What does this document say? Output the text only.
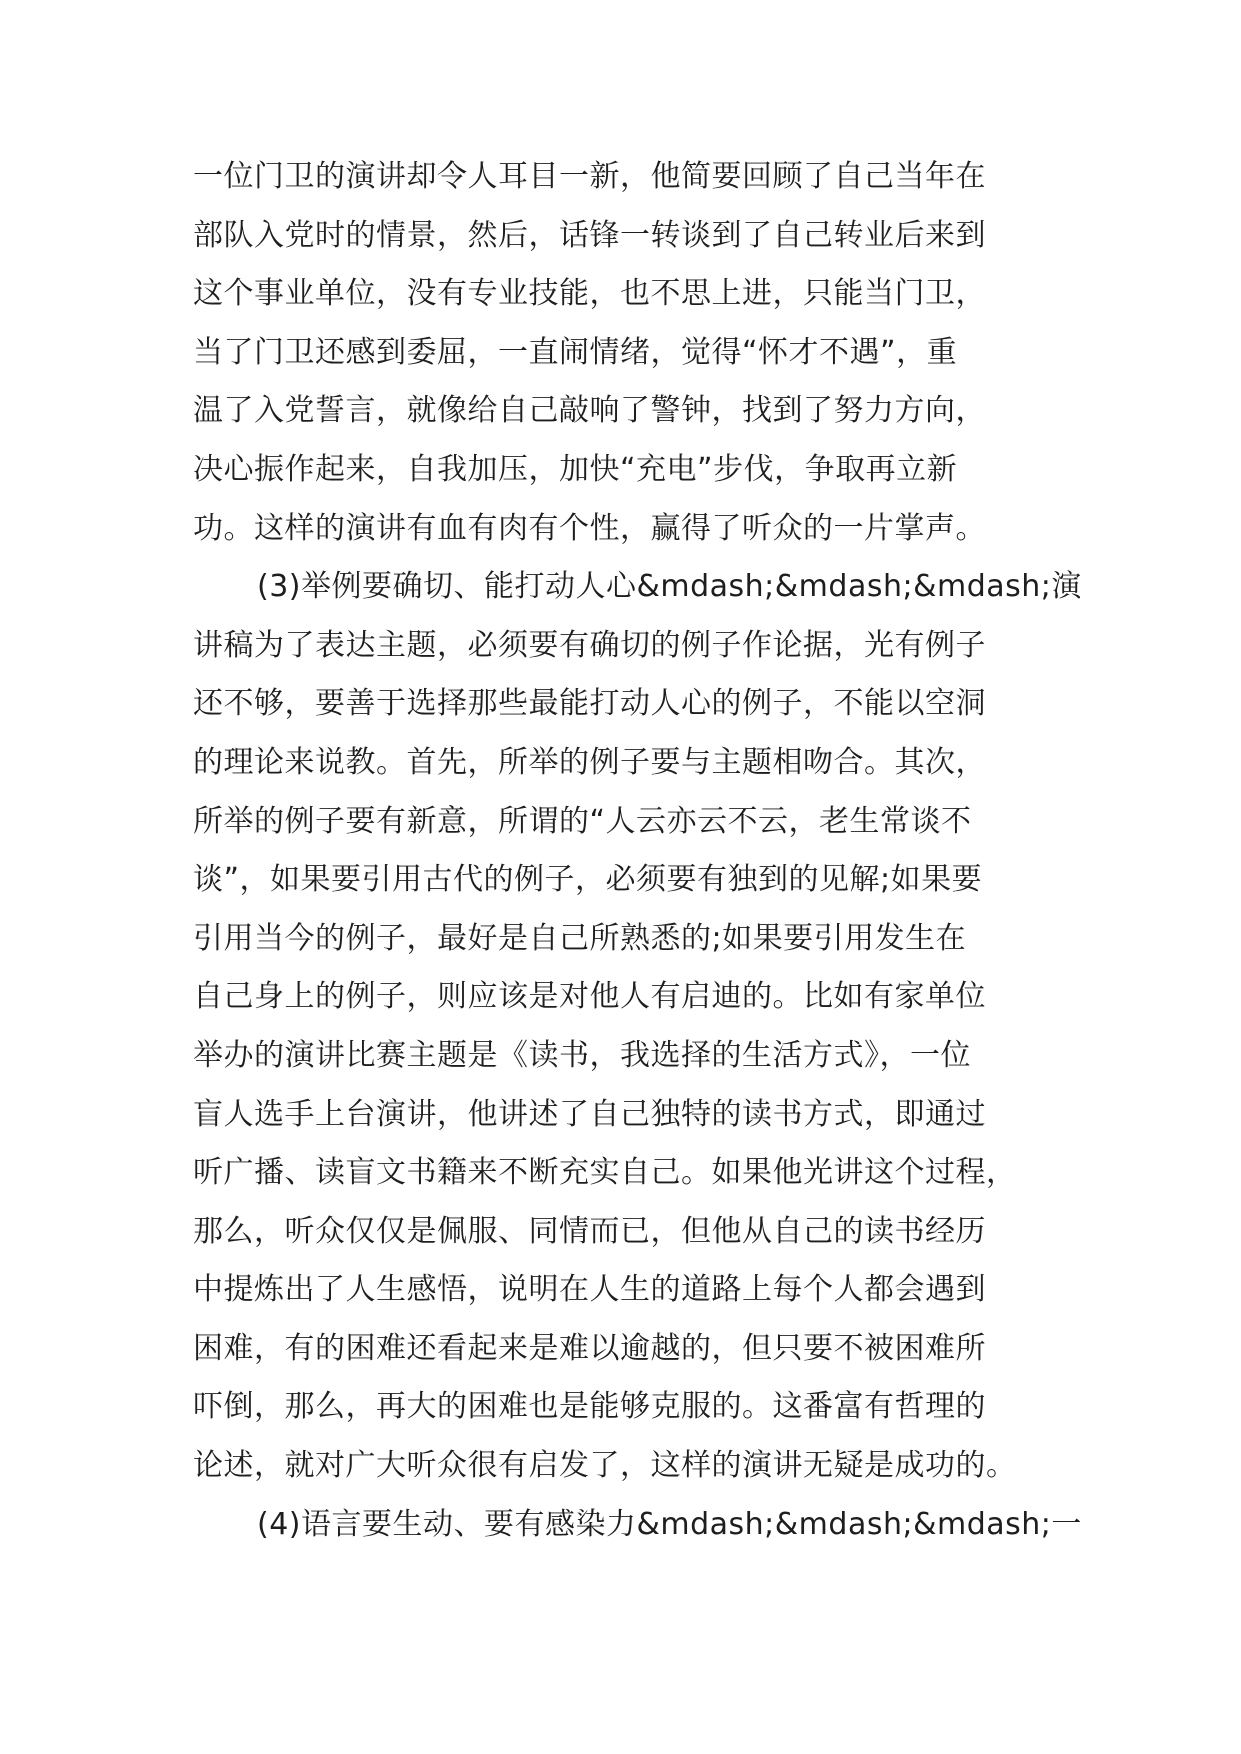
一位门卫的演讲却令人耳目一新，他简要回顾了自己当年在
部队入党时的情景，然后，话锋一转谈到了自己转业后来到
这个事业单位，没有专业技能，也不思上进，只能当门卫，
当了门卫还感到委屈，一直闹情绪，觉得“怀才不遇”，重
温了入党誓言，就像给自己敲响了警钟，找到了努力方向，
决心振作起来，自我加压，加快“充电”步伐，争取再立新
功。这样的演讲有血有肉有个性，赢得了听众的一片掌声。
(3)举例要确切、能打动人心&mdash;&mdash;&mdash;演
讲稿为了表达主题，必须要有确切的例子作论据，光有例子
还不够，要善于选择那些最能打动人心的例子，不能以空洞
的理论来说教。首先，所举的例子要与主题相吻合。其次，
所举的例子要有新意，所谓的“人云亦云不云，老生常谈不
谈”，如果要引用古代的例子，必须要有独到的见解;如果要
引用当今的例子，最好是自己所熟悉的;如果要引用发生在
自己身上的例子，则应该是对他人有启迪的。比如有家单位
举办的演讲比赛主题是《读书，我选择的生活方式》，一位
盲人选手上台演讲，他讲述了自己独特的读书方式，即通过
听广播、读盲文书籍来不断充实自己。如果他光讲这个过程，
那么，听众仅仅是佩服、同情而已，但他从自己的读书经历
中提炼出了人生感悟，说明在人生的道路上每个人都会遇到
困难，有的困难还看起来是难以逾越的，但只要不被困难所
吓倒，那么，再大的困难也是能够克服的。这番富有哲理的
论述，就对广大听众很有启发了，这样的演讲无疑是成功的。
(4)语言要生动、要有感染力&mdash;&mdash;&mdash;一
